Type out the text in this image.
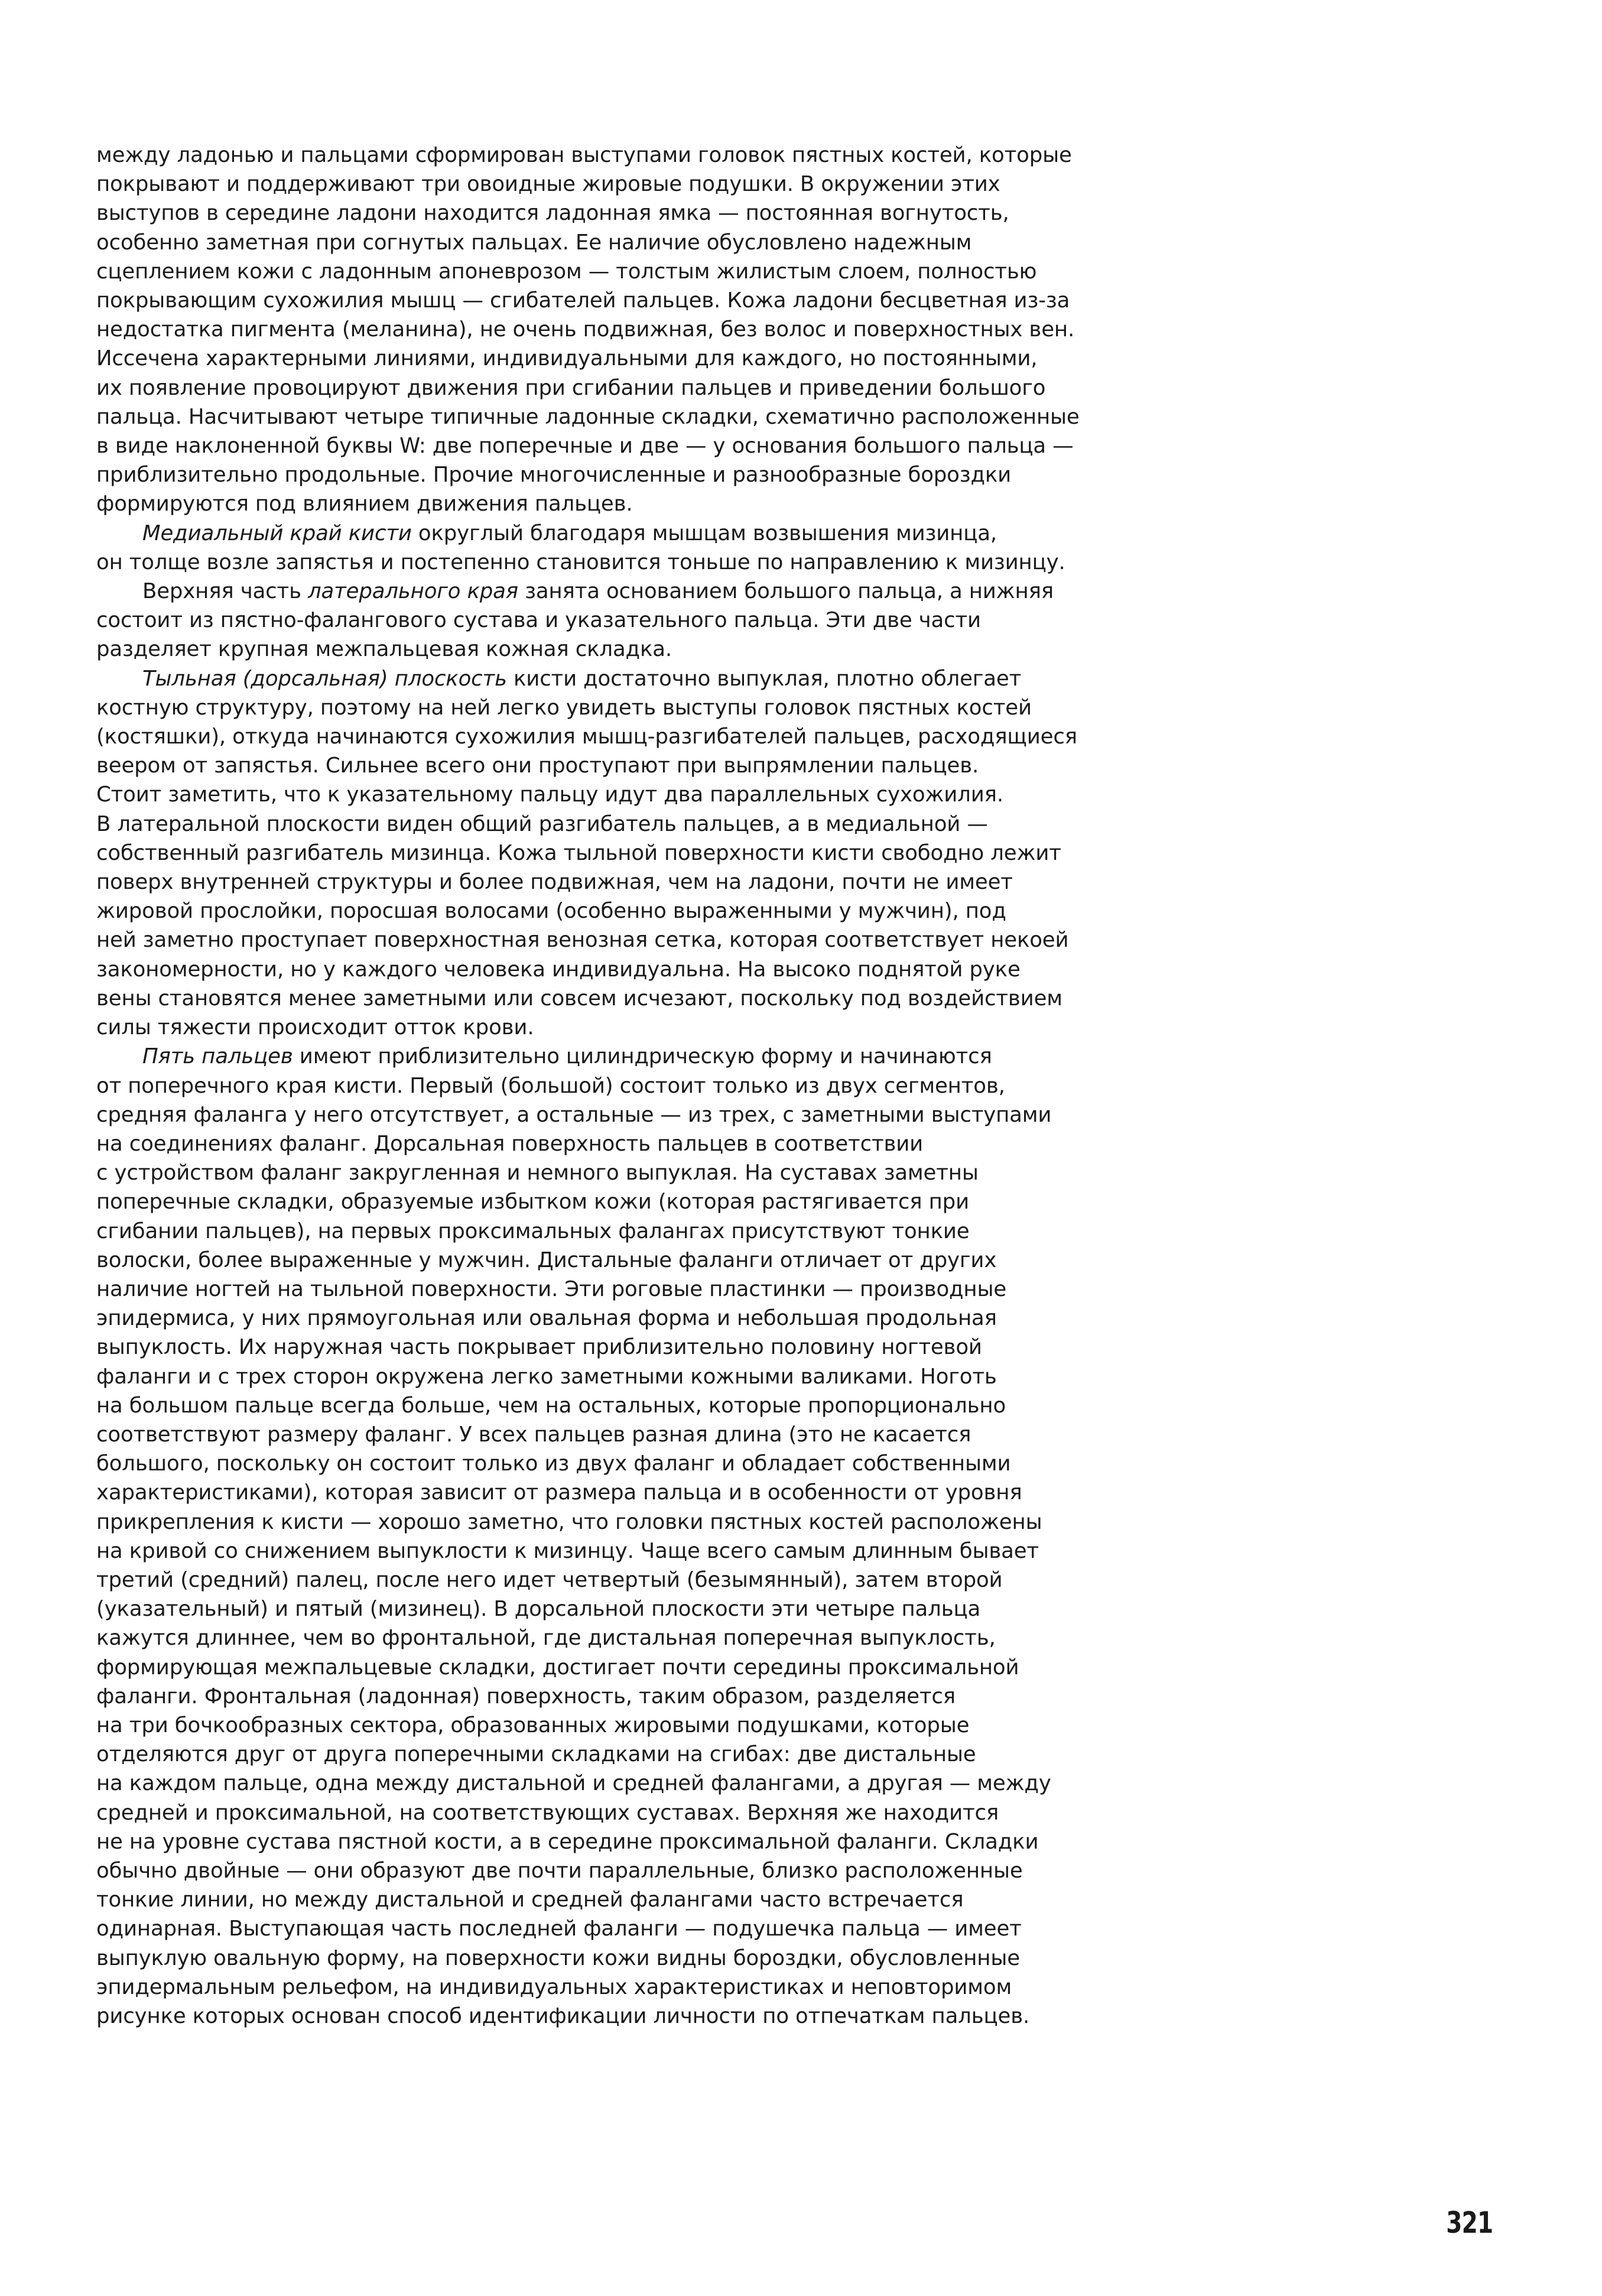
между ладонью и пальцами сформирован выступами головок пястных костей, которые
покрывают и поддерживают три овоидные жировые подушки. В окружении этих
выступов в середине ладони находится ладонная ямка — постоянная вогнутость,
особенно заметная при согнутых пальцах. Ее наличие обусловлено надежным
сцеплением кожи с ладонным апоневрозом — толстым жилистым слоем, полностью
покрывающим сухожилия мышц — сгибателей пальцев. Кожа ладони бесцветная из-за
недостатка пигмента (меланина), не очень подвижная, без волос и поверхностных вен.
Иссечена характерными линиями, индивидуальными для каждого, но постоянными,
их появление провоцируют движения при сгибании пальцев и приведении большого
пальца. Насчитывают четыре типичные ладонные складки, схематично расположенные
в виде наклоненной буквы W: две поперечные и две — у основания большого пальца —
приблизительно продольные. Прочие многочисленные и разнообразные бороздки
формируются под влиянием движения пальцев.

Медиальный край кисти округлый благодаря мышцам возвышения мизинца,
он толще возле запястья и постепенно становится тоньше по направлению к мизинцу.

Верхняя часть латерального края занята основанием большого пальца, а нижняя
состоит из пястно-фалангового сустава и указательного пальца. Эти две части
разделяет крупная межпальцевая кожная складка.

Тыльная (дорсальная) плоскость кисти достаточно выпуклая, плотно облегает
костную структуру, поэтому на ней легко увидеть выступы головок пястных костей
(костяшки), откуда начинаются сухожилия мышц-разгибателей пальцев, расходящиеся
веером от запястья. Сильнее всего они проступают при выпрямлении пальцев.
Стоит заметить, что к указательному пальцу идут два параллельных сухожилия.
В латеральной плоскости виден общий разгибатель пальцев, а в медиальной —
собственный разгибатель мизинца. Кожа тыльной поверхности кисти свободно лежит
поверх внутренней структуры и более подвижная, чем на ладони, почти не имеет
жировой прослойки, поросшая волосами (особенно выраженными у мужчин), под
ней заметно проступает поверхностная венозная сетка, которая соответствует некоей
закономерности, но у каждого человека индивидуальна. На высоко поднятой руке
вены становятся менее заметными или совсем исчезают, поскольку под воздействием
силы тяжести происходит отток крови.

Пять пальцев имеют приблизительно цилиндрическую форму и начинаются
от поперечного края кисти. Первый (большой) состоит только из двух сегментов,
средняя фаланга у него отсутствует, а остальные — из трех, с заметными выступами
на соединениях фаланг. Дорсальная поверхность пальцев в соответствии
с устройством фаланг закругленная и немного выпуклая. На суставах заметны
поперечные складки, образуемые избытком кожи (которая растягивается при
сгибании пальцев), на первых проксимальных фалангах присутствуют тонкие
волоски, более выраженные у мужчин. Дистальные фаланги отличает от других
наличие ногтей на тыльной поверхности. Эти роговые пластинки — производные
эпидермиса, у них прямоугольная или овальная форма и небольшая продольная
выпуклость. Их наружная часть покрывает приблизительно половину ногтевой
фаланги и с трех сторон окружена легко заметными кожными валиками. Ноготь
на большом пальце всегда больше, чем на остальных, которые пропорционально
соответствуют размеру фаланг. У всех пальцев разная длина (это не касается
большого, поскольку он состоит только из двух фаланг и обладает собственными
характеристиками), которая зависит от размера пальца и в особенности от уровня
прикрепления к кисти — хорошо заметно, что головки пястных костей расположены
на кривой со снижением выпуклости к мизинцу. Чаще всего самым длинным бывает
третий (средний) палец, после него идет четвертый (безымянный), затем второй
(указательный) и пятый (мизинец). В дорсальной плоскости эти четыре пальца
кажутся длиннее, чем во фронтальной, где дистальная поперечная выпуклость,
формирующая межпальцевые складки, достигает почти середины проксимальной
фаланги. Фронтальная (ладонная) поверхность, таким образом, разделяется
на три бочкообразных сектора, образованных жировыми подушками, которые
отделяются друг от друга поперечными складками на сгибах: две дистальные
на каждом пальце, одна между дистальной и средней фалангами, а другая — между
средней и проксимальной, на соответствующих суставах. Верхняя же находится
не на уровне сустава пястной кости, а в середине проксимальной фаланги. Складки
обычно двойные — они образуют две почти параллельные, близко расположенные
тонкие линии, но между дистальной и средней фалангами часто встречается
одинарная. Выступающая часть последней фаланги — подушечка пальца — имеет
выпуклую овальную форму, на поверхности кожи видны бороздки, обусловленные
эпидермальным рельефом, на индивидуальных характеристиках и неповторимом
рисунке которых основан способ идентификации личности по отпечаткам пальцев.

321
